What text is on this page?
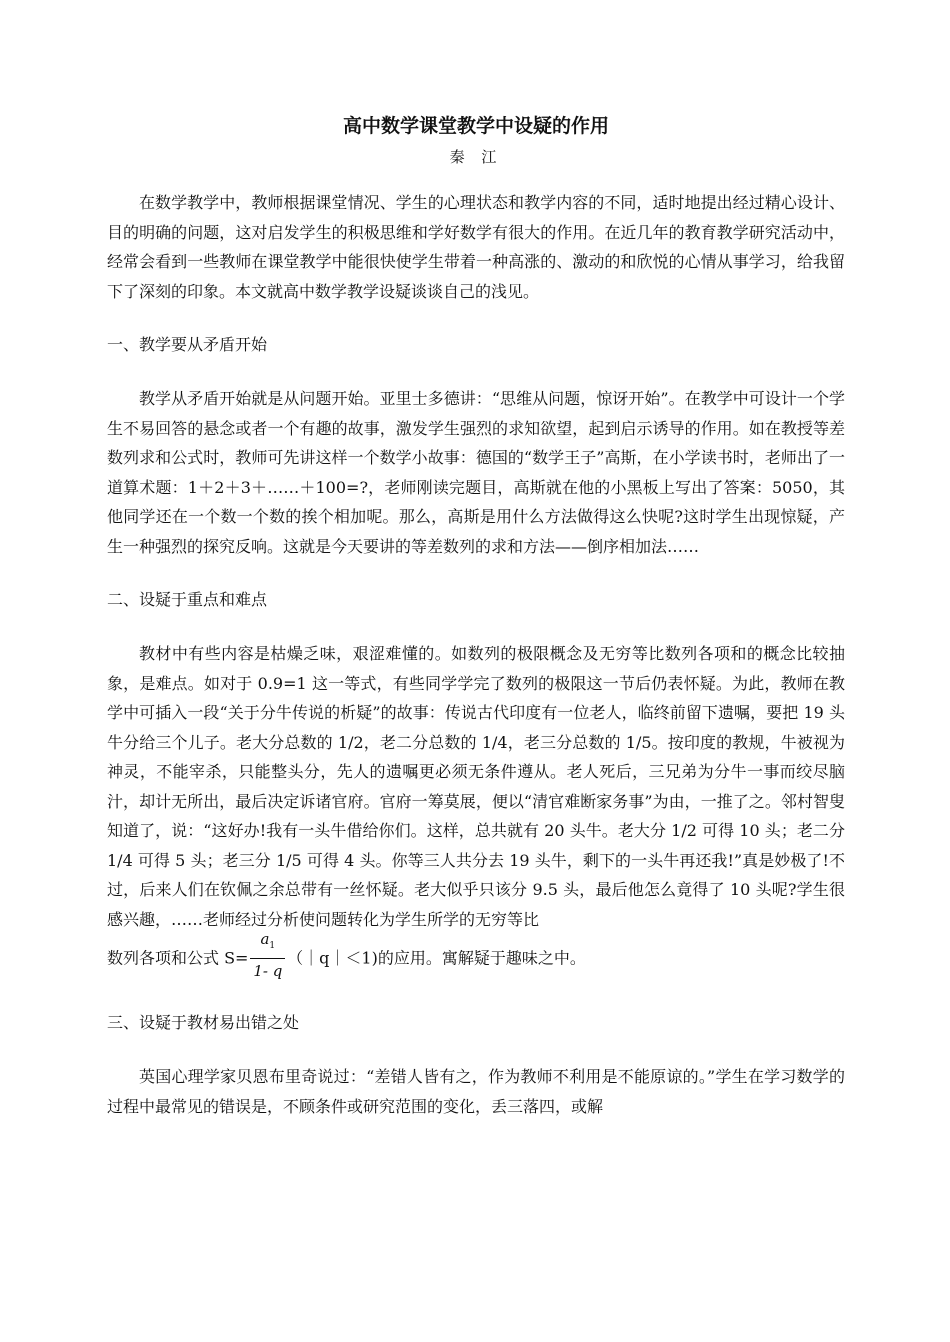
高中数学课堂教学中设疑的作用
秦 江

在数学教学中，教师根据课堂情况、学生的心理状态和教学内容的不同，适时地提出经过精心设计、目的明确的问题，这对启发学生的积极思维和学好数学有很大的作用。在近几年的教育教学研究活动中，经常会看到一些教师在课堂教学中能很快使学生带着一种高涨的、激动的和欣悦的心情从事学习，给我留下了深刻的印象。本文就高中数学教学设疑谈谈自己的浅见。

一、教学要从矛盾开始

教学从矛盾开始就是从问题开始。亚里士多德讲：“思维从问题，惊讶开始”。在教学中可设计一个学生不易回答的悬念或者一个有趣的故事，激发学生强烈的求知欲望，起到启示诱导的作用。如在教授等差数列求和公式时，教师可先讲这样一个数学小故事：德国的“数学王子”高斯，在小学读书时，老师出了一道算术题：1＋2＋3＋……＋100=?，老师刚读完题目，高斯就在他的小黑板上写出了答案：5050，其他同学还在一个数一个数的挨个相加呢。那么，高斯是用什么方法做得这么快呢?这时学生出现惊疑，产生一种强烈的探究反响。这就是今天要讲的等差数列的求和方法——倒序相加法……

二、设疑于重点和难点

教材中有些内容是枯燥乏味，艰涩难懂的。如数列的极限概念及无穷等比数列各项和的概念比较抽象，是难点。如对于 0.9=1 这一等式，有些同学学完了数列的极限这一节后仍表怀疑。为此，教师在教学中可插入一段“关于分牛传说的析疑”的故事：传说古代印度有一位老人，临终前留下遗嘱，要把 19 头牛分给三个儿子。老大分总数的 1/2，老二分总数的 1/4，老三分总数的 1/5。按印度的教规，牛被视为神灵，不能宰杀，只能整头分，先人的遗嘱更必须无条件遵从。老人死后，三兄弟为分牛一事而绞尽脑汁，却计无所出，最后决定诉诸官府。官府一筹莫展，便以“清官难断家务事”为由，一推了之。邻村智叟知道了，说：“这好办!我有一头牛借给你们。这样，总共就有 20 头牛。老大分 1/2 可得 10 头；老二分 1/4 可得 5 头；老三分 1/5 可得 4 头。你等三人共分去 19 头牛，剩下的一头牛再还我!”真是妙极了!不过，后来人们在钦佩之余总带有一丝怀疑。老大似乎只该分 9.5 头，最后他怎么竟得了 10 头呢?学生很感兴趣，……老师经过分析使问题转化为学生所学的无穷等比

数列各项和公式 $S= \frac{a_1}{1- q}$ （｜q｜＜1)的应用。寓解疑于趣味之中。

三、设疑于教材易出错之处

英国心理学家贝恩布里奇说过：“差错人皆有之，作为教师不利用是不能原谅的。”学生在学习数学的过程中最常见的错误是，不顾条件或研究范围的变化，丢三落四，或解
